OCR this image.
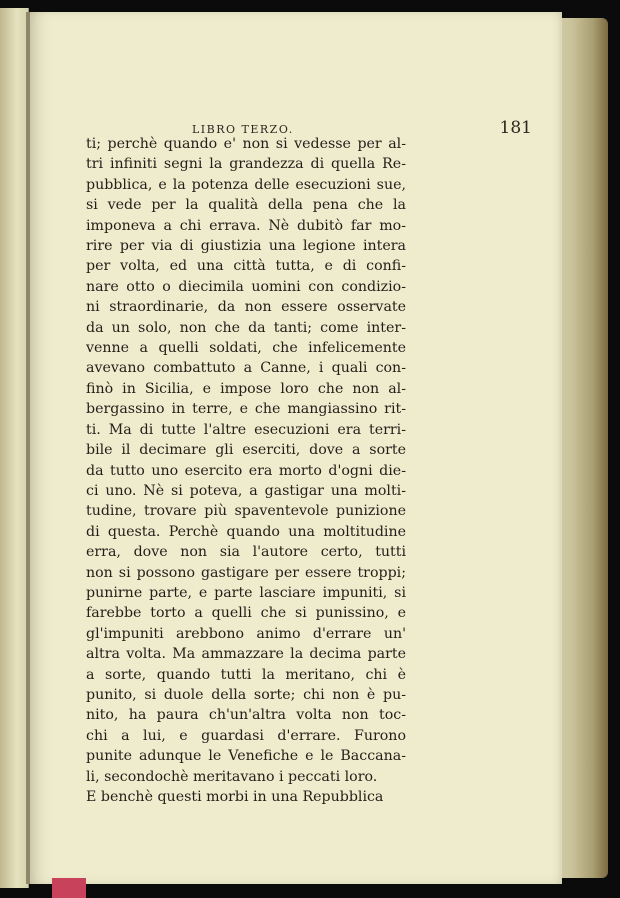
LIBRO TERZO.	181
ti; perchè quando e' non si vedesse per al-
tri infiniti segni la grandezza di quella Re-
pubblica, e la potenza delle esecuzioni sue,
si vede per la qualità della pena che la
imponeva a chi errava. Nè dubitò far mo-
rire per via di giustizia una legione intera
per volta, ed una città tutta, e di confi-
nare otto o diecimila uomini con condizio-
ni straordinarie, da non essere osservate
da un solo, non che da tanti; come inter-
venne a quelli soldati, che infelicemente
avevano combattuto a Canne, i quali con-
finò in Sicilia, e impose loro che non al-
bergassino in terre, e che mangiassino rit-
ti. Ma di tutte l'altre esecuzioni era terri-
bile il decimare gli eserciti, dove a sorte
da tutto uno esercito era morto d'ogni die-
ci uno. Nè si poteva, a gastigar una molti-
tudine, trovare più spaventevole punizione
di questa. Perchè quando una moltitudine
erra, dove non sia l'autore certo, tutti
non si possono gastigare per essere troppi;
punirne parte, e parte lasciare impuniti, si
farebbe torto a quelli che si punissino, e
gl'impuniti arebbono animo d'errare un'
altra volta. Ma ammazzare la decima parte
a sorte, quando tutti la meritano, chi è
punito, si duole della sorte; chi non è pu-
nito, ha paura ch'un'altra volta non toc-
chi a lui, e guardasi d'errare. Furono
punite adunque le Venefiche e le Baccana-
li, secondochè meritavano i peccati loro.
E benchè questi morbi in una Repubblica
